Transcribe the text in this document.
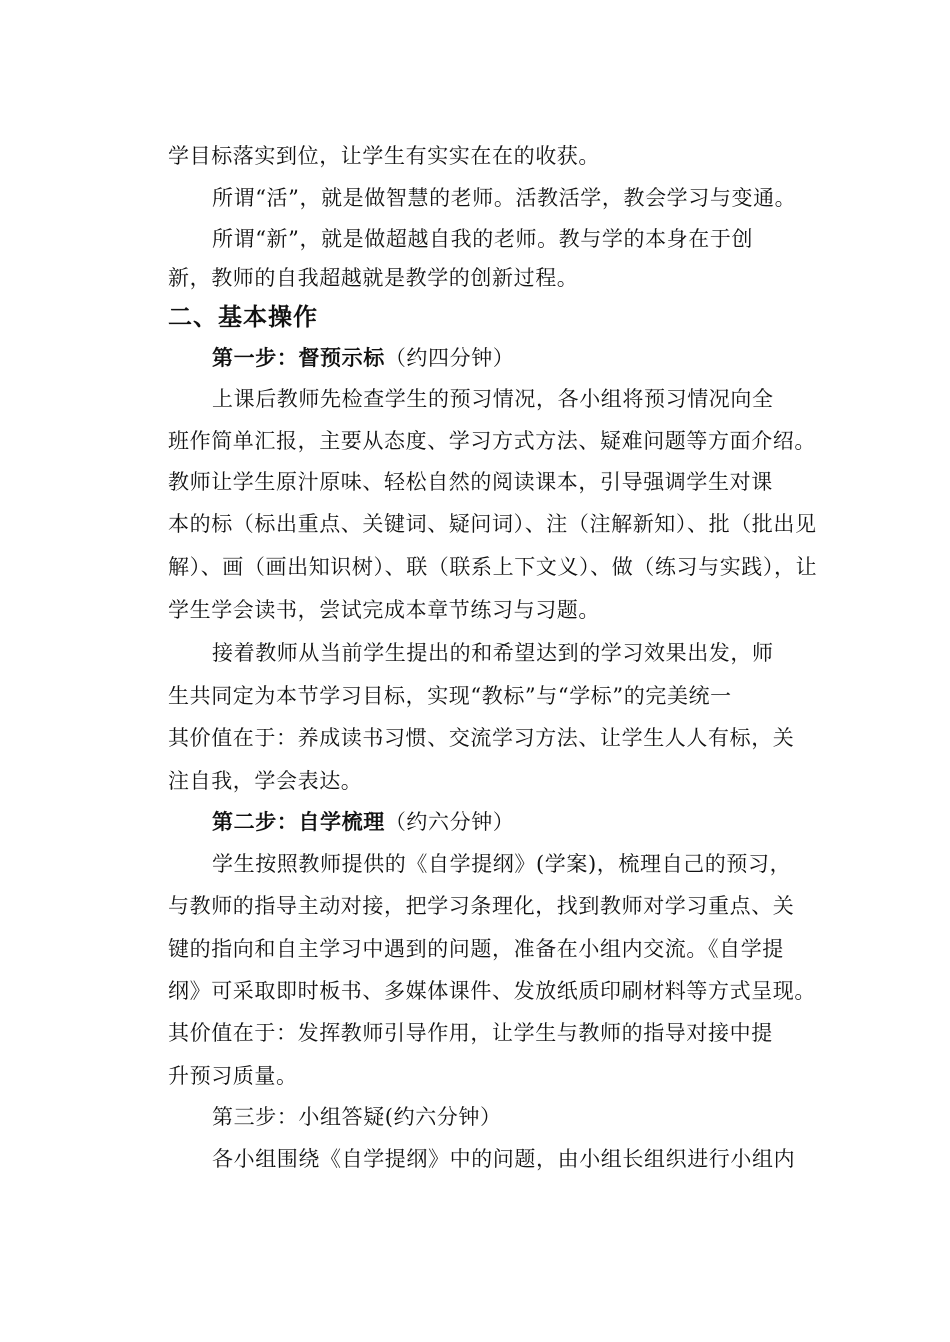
学目标落实到位，让学生有实实在在的收获。
所谓“活”，就是做智慧的老师。活教活学，教会学习与变通。
所谓“新”，就是做超越自我的老师。教与学的本身在于创
新，教师的自我超越就是教学的创新过程。
二、基本操作
第一步：督预示标（约四分钟）
上课后教师先检查学生的预习情况，各小组将预习情况向全
班作简单汇报，主要从态度、学习方式方法、疑难问题等方面介绍。
教师让学生原汁原味、轻松自然的阅读课本，引导强调学生对课
本的标（标出重点、关键词、疑问词）、注（注解新知）、批（批出见
解）、画（画出知识树）、联（联系上下文义）、做（练习与实践），让
学生学会读书，尝试完成本章节练习与习题。
接着教师从当前学生提出的和希望达到的学习效果出发，师
生共同定为本节学习目标，实现“教标”与“学标”的完美统一
其价值在于：养成读书习惯、交流学习方法、让学生人人有标，关
注自我，学会表达。
第二步：自学梳理（约六分钟）
学生按照教师提供的《自学提纲》(学案)，梳理自己的预习，
与教师的指导主动对接，把学习条理化，找到教师对学习重点、关
键的指向和自主学习中遇到的问题，准备在小组内交流。《自学提
纲》可采取即时板书、多媒体课件、发放纸质印刷材料等方式呈现。
其价值在于：发挥教师引导作用，让学生与教师的指导对接中提
升预习质量。
第三步：小组答疑(约六分钟）
各小组围绕《自学提纲》中的问题，由小组长组织进行小组内
